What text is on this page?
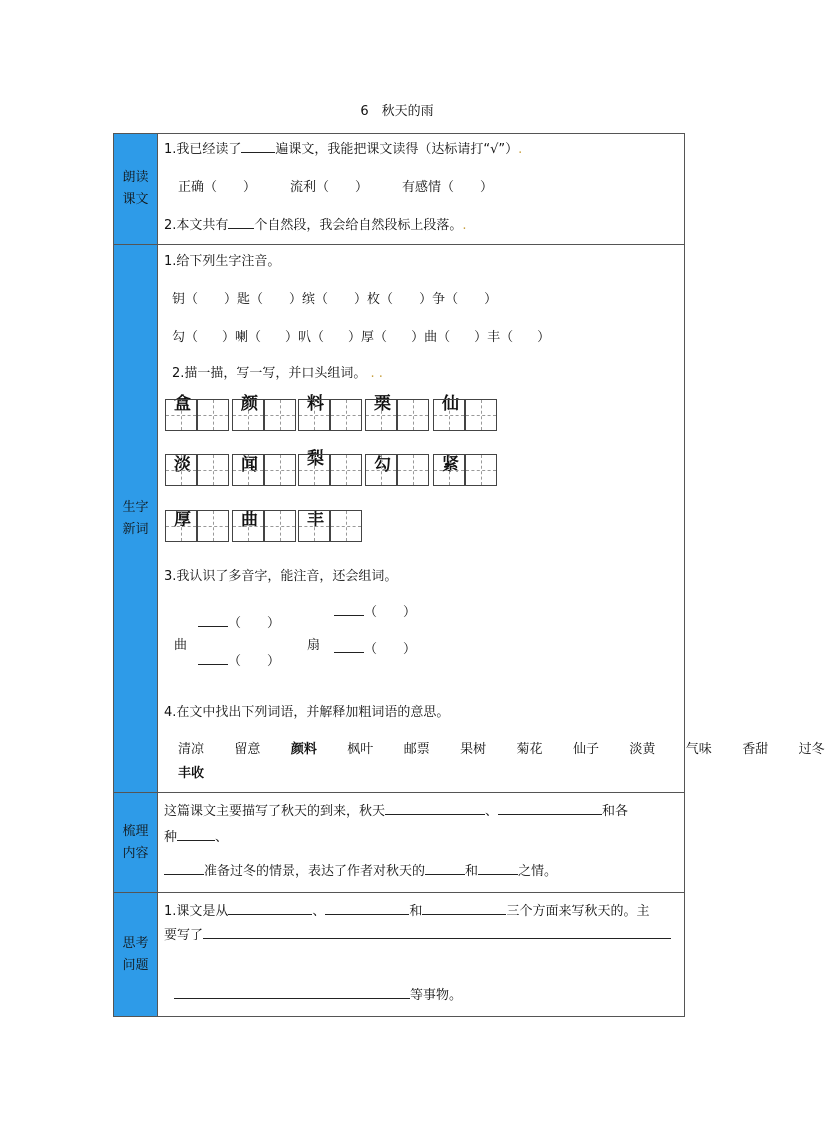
6　秋天的雨
朗读课文
1.我已经读了	遍课文，我能把课文读得（达标请打“√”）.
正确（　　）	流利（　　）	有感情（　　）
2.本文共有 个自然段，我会给自然段标上段落。.
生字新词
1.给下列生字注音。
钥（ ）匙（ ）缤（ ）枚（ ）争（ ）
勾（ ）喇（ ）叭（ ）厚（ ）曲（ ）丰（ ）
2.描一描，写一写，并口头组词。 . .
盒	颜	料	栗	仙
淡	闻	梨	勾	紧
厚	曲	丰
3.我认识了多音字，能注音，还会组词。
曲
（　　）
（　　）
扇
（　　）
（　　）
4.在文中找出下列词语，并解释加粗词语的意思。
清凉 留意 颜料 枫叶 邮票 果树 菊花 仙子 淡黄 气味 香甜 过冬
丰收
梳理内容
这篇课文主要描写了秋天的到来，秋天	、	和各
种	、
准备过冬的情景，表达了作者对秋天的	和	之情。
思考问题
1.课文是从	、	和	三个方面来写秋天的。主
要写了
等事物。
